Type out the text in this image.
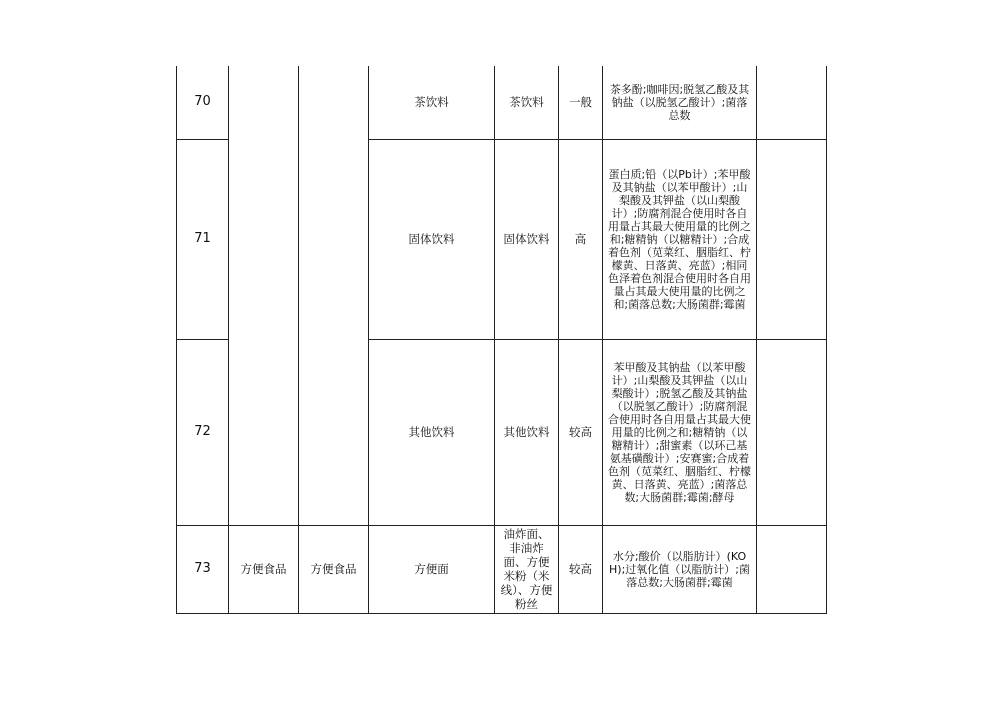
70			茶饮料	茶饮料	一般	茶多酚;咖啡因;脱氢乙酸及其钠盐（以脱氢乙酸计）;菌落总数	
71			固体饮料	固体饮料	高	蛋白质;铅（以Pb计）;苯甲酸及其钠盐（以苯甲酸计）;山梨酸及其钾盐（以山梨酸计）;防腐剂混合使用时各自用量占其最大使用量的比例之和;糖精钠（以糖精计）;合成着色剂（苋菜红、胭脂红、柠檬黄、日落黄、亮蓝）;相同色泽着色剂混合使用时各自用量占其最大使用量的比例之和;菌落总数;大肠菌群;霉菌	
72			其他饮料	其他饮料	较高	苯甲酸及其钠盐（以苯甲酸计）;山梨酸及其钾盐（以山梨酸计）;脱氢乙酸及其钠盐（以脱氢乙酸计）;防腐剂混合使用时各自用量占其最大使用量的比例之和;糖精钠（以糖精计）;甜蜜素（以环己基氨基磺酸计）;安赛蜜;合成着色剂（苋菜红、胭脂红、柠檬黄、日落黄、亮蓝）;菌落总数;大肠菌群;霉菌;酵母	
73	方便食品	方便食品	方便面	油炸面、非油炸面、方便米粉（米线）、方便粉丝	较高	水分;酸价（以脂肪计）(KOH);过氧化值（以脂肪计）;菌落总数;大肠菌群;霉菌	
